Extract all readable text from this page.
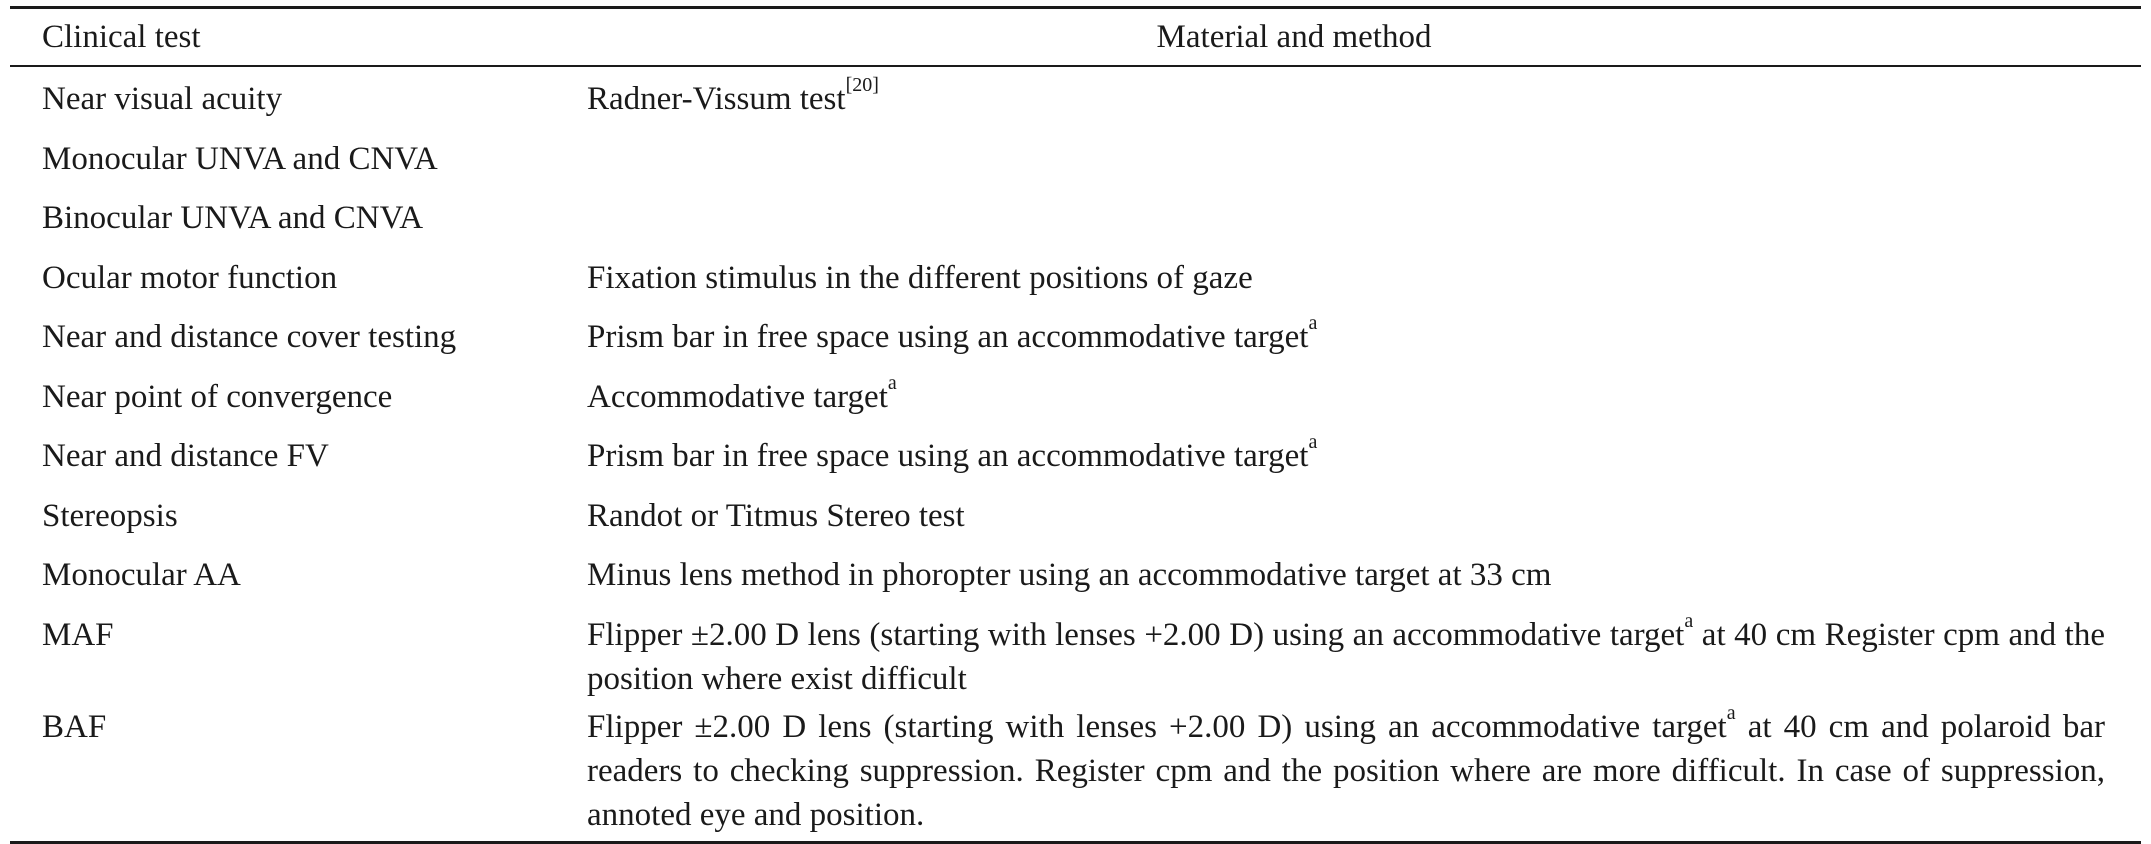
Clinical test	Material and method
Near visual acuity	Radner-Vissum test[20]
Monocular UNVA and CNVA
Binocular UNVA and CNVA
Ocular motor function	Fixation stimulus in the different positions of gaze
Near and distance cover testing	Prism bar in free space using an accommodative target$^a$
Near point of convergence	Accommodative target$^a$
Near and distance FV	Prism bar in free space using an accommodative target$^a$
Stereopsis	Randot or Titmus Stereo test
Monocular AA	Minus lens method in phoropter using an accommodative target at 33 cm
MAF	Flipper ±2.00 D lens (starting with lenses +2.00 D) using an accommodative target$^a$ at 40 cm Register cpm and the position where exist difficult
BAF	Flipper ±2.00 D lens (starting with lenses +2.00 D) using an accommodative target$^a$ at 40 cm and polaroid bar readers to checking suppression. Register cpm and the position where are more difficult. In case of suppression, annoted eye and position.
